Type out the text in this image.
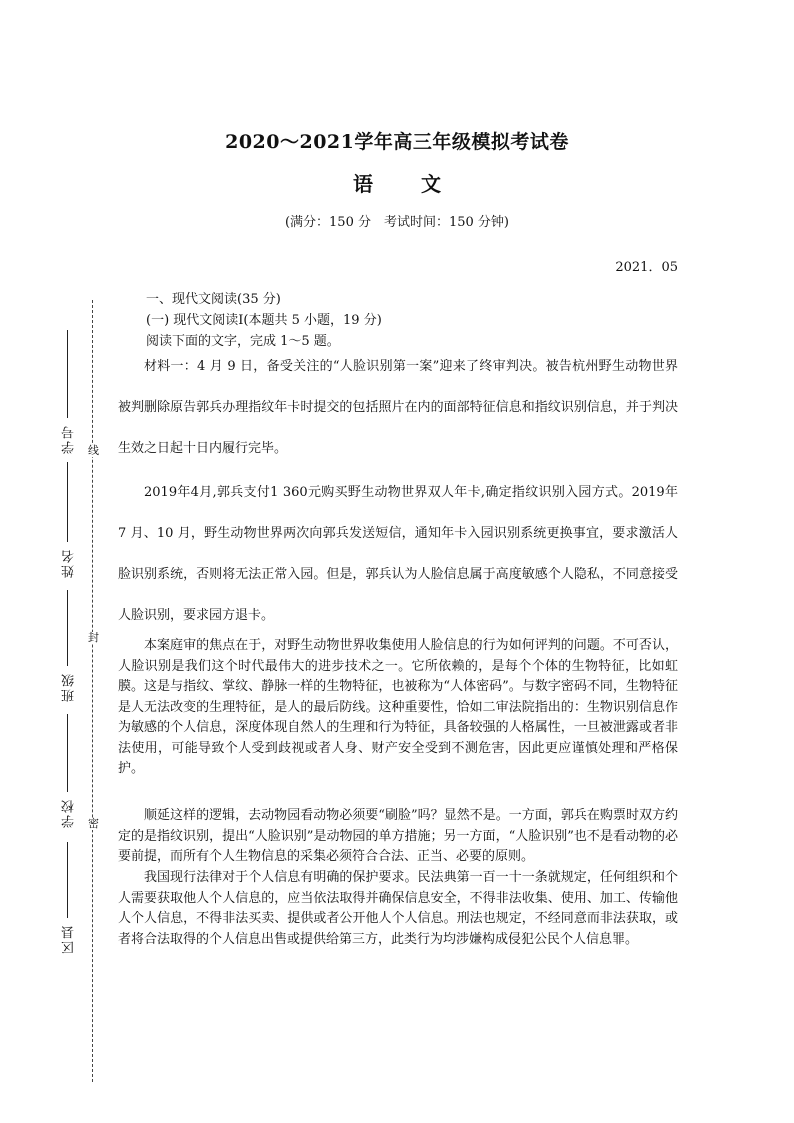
2020～2021学年高三年级模拟考试卷
语文
(满分：150 分　考试时间：150 分钟)
2021．05
一、现代文阅读(35 分)
(一) 现代文阅读Ⅰ(本题共 5 小题，19 分)
阅读下面的文字，完成 1～5 题。

材料一：4 月 9 日，备受关注的“人脸识别第一案”迎来了终审判决。被告杭州野生动物世界被判删除原告郭兵办理指纹年卡时提交的包括照片在内的面部特征信息和指纹识别信息，并于判决生效之日起十日内履行完毕。

2019年4月,郭兵支付1 360元购买野生动物世界双人年卡,确定指纹识别入园方式。2019年 7 月、10 月，野生动物世界两次向郭兵发送短信，通知年卡入园识别系统更换事宜，要求激活人脸识别系统，否则将无法正常入园。但是，郭兵认为人脸信息属于高度敏感个人隐私，不同意接受人脸识别，要求园方退卡。

本案庭审的焦点在于，对野生动物世界收集使用人脸信息的行为如何评判的问题。不可否认，人脸识别是我们这个时代最伟大的进步技术之一。它所依赖的，是每个个体的生物特征，比如虹膜。这是与指纹、掌纹、静脉一样的生物特征，也被称为“人体密码”。与数字密码不同，生物特征是人无法改变的生理特征，是人的最后防线。这种重要性，恰如二审法院指出的：生物识别信息作为敏感的个人信息，深度体现自然人的生理和行为特征，具备较强的人格属性，一旦被泄露或者非法使用，可能导致个人受到歧视或者人身、财产安全受到不测危害，因此更应谨慎处理和严格保护。

顺延这样的逻辑，去动物园看动物必须要“刷脸”吗？显然不是。一方面，郭兵在购票时双方约定的是指纹识别，提出“人脸识别”是动物园的单方措施；另一方面，“人脸识别”也不是看动物的必要前提，而所有个人生物信息的采集必须符合合法、正当、必要的原则。

我国现行法律对于个人信息有明确的保护要求。民法典第一百一十一条就规定，任何组织和个人需要获取他人个人信息的，应当依法取得并确保信息安全，不得非法收集、使用、加工、传输他人个人信息，不得非法买卖、提供或者公开他人个人信息。刑法也规定，不经同意而非法获取，或者将合法取得的个人信息出售或提供给第三方，此类行为均涉嫌构成侵犯公民个人信息罪。

线
封
密
学号
姓名
班级
学校
区县
